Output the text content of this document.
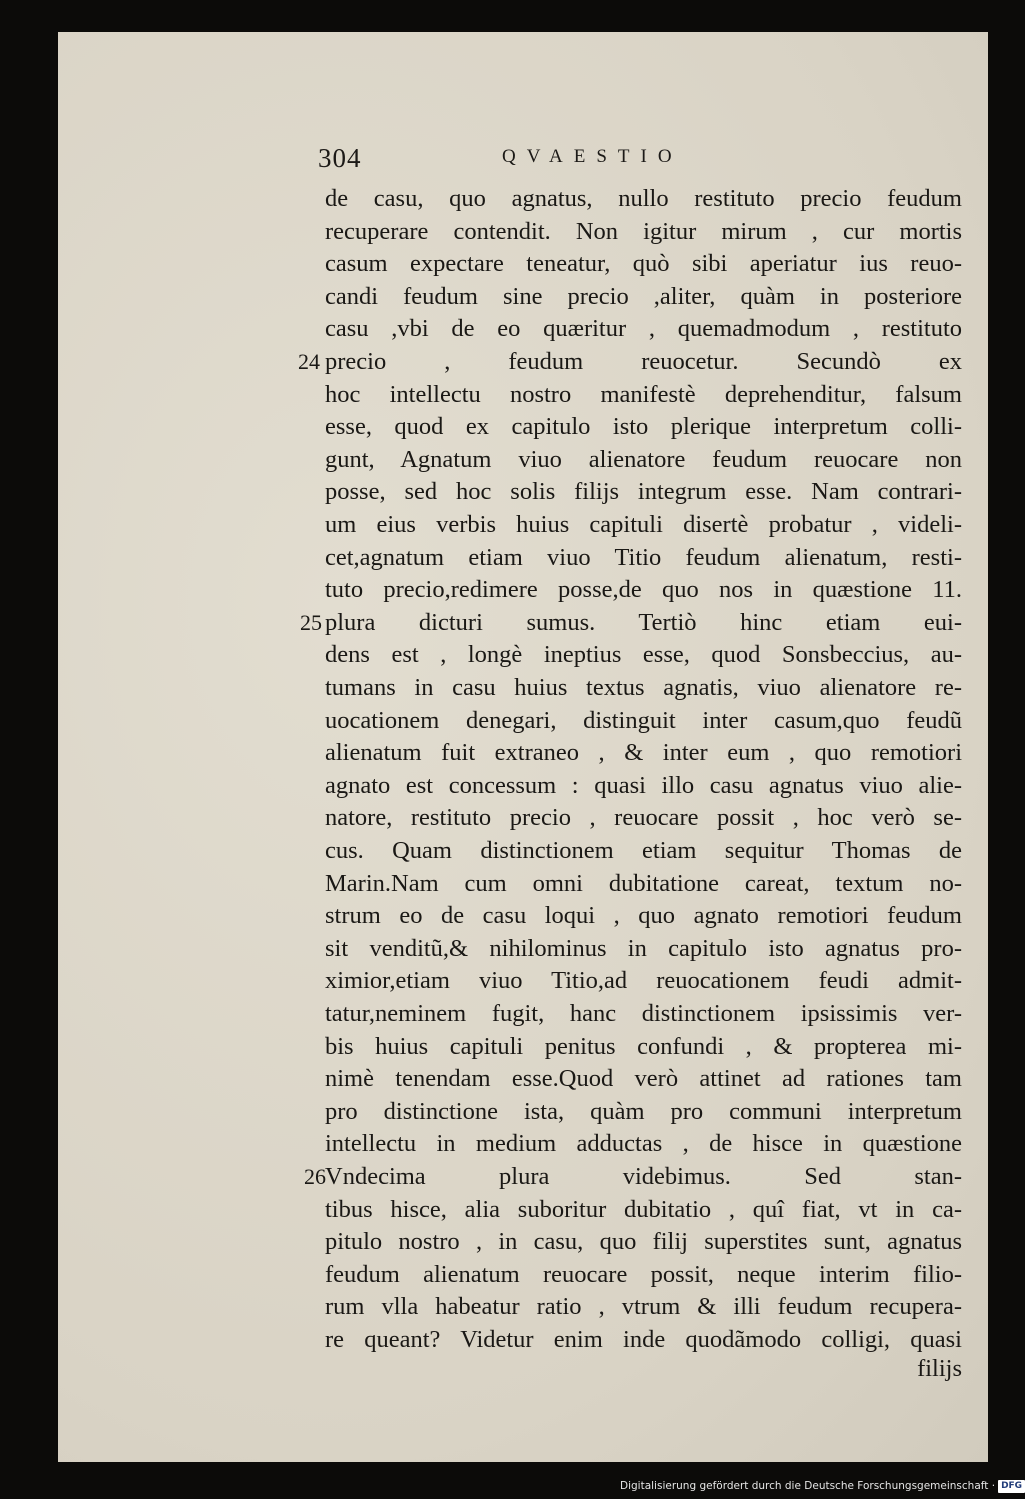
304	QVAESTIO
de casu, quo agnatus, nullo restituto precio feudum
recuperare contendit. Non igitur mirum , cur mortis
casum expectare teneatur, quò sibi aperiatur ius reuo-
candi feudum sine precio ,aliter, quàm in posteriore
casu ,vbi de eo quæritur , quemadmodum , restituto
precio , feudum reuocetur. Secundò ex
hoc intellectu nostro manifestè deprehenditur, falsum
esse, quod ex capitulo isto plerique interpretum colli-
gunt, Agnatum viuo alienatore feudum reuocare non
posse, sed hoc solis filijs integrum esse. Nam contrari-
um eius verbis huius capituli disertè probatur , videli-
cet,agnatum etiam viuo Titio feudum alienatum, resti-
tuto precio,redimere posse,de quo nos in quæstione 11.
plura dicturi sumus. Tertiò hinc etiam eui-
dens est , longè ineptius esse, quod Sonsbeccius, au-
tumans in casu huius textus agnatis, viuo alienatore re-
uocationem denegari, distinguit inter casum,quo feudũ
alienatum fuit extraneo , & inter eum , quo remotiori
agnato est concessum : quasi illo casu agnatus viuo alie-
natore, restituto precio , reuocare possit , hoc verò se-
cus. Quam distinctionem etiam sequitur Thomas de
Marin.Nam cum omni dubitatione careat, textum no-
strum eo de casu loqui , quo agnato remotiori feudum
sit venditũ,& nihilominus in capitulo isto agnatus pro-
ximior,etiam viuo Titio,ad reuocationem feudi admit-
tatur,neminem fugit, hanc distinctionem ipsissimis ver-
bis huius capituli penitus confundi , & propterea mi-
nimè tenendam esse.Quod verò attinet ad rationes tam
pro distinctione ista, quàm pro communi interpretum
intellectu in medium adductas , de hisce in quæstione
Vndecima plura videbimus. Sed stan-
tibus hisce, alia suboritur dubitatio , quî fiat, vt in ca-
pitulo nostro , in casu, quo filij superstites sunt, agnatus
feudum alienatum reuocare possit, neque interim filio-
24
25
26
Digitalisierung gefördert durch die Deutsche Forschungsgemeinschaft · DFG
rum vlla habeatur ratio , vtrum & illi feudum recupera-
re queant? Videtur enim inde quodãmodo colligi, quasi
filijs
